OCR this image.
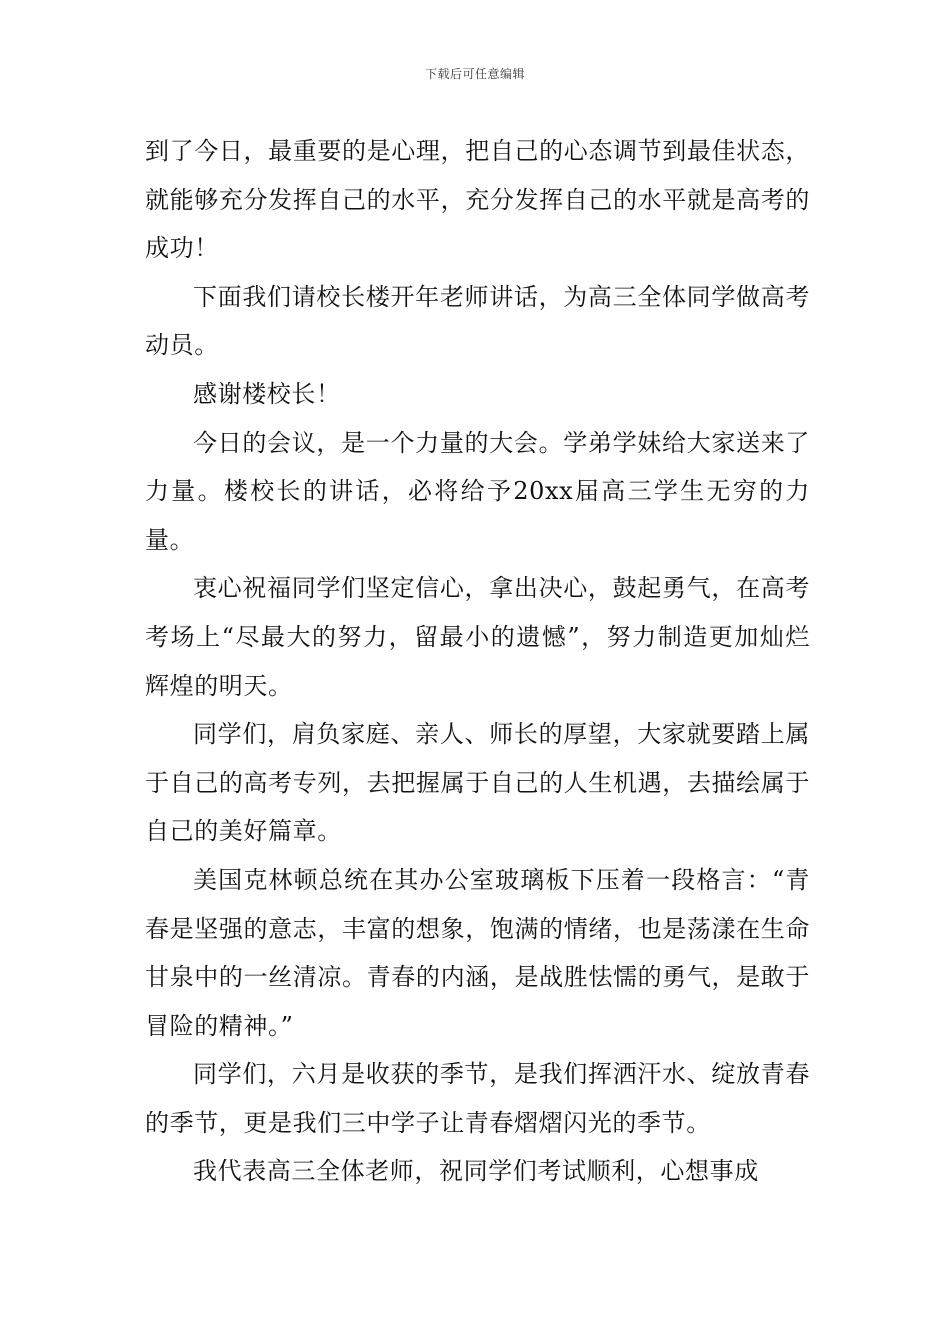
下载后可任意编辑

到了今日，最重要的是心理，把自己的心态调节到最佳状态，就能够充分发挥自己的水平，充分发挥自己的水平就是高考的成功！

下面我们请校长楼开年老师讲话，为高三全体同学做高考动员。

感谢楼校长！

今日的会议，是一个力量的大会。学弟学妹给大家送来了力量。楼校长的讲话，必将给予20xx届高三学生无穷的力量。

衷心祝福同学们坚定信心，拿出决心，鼓起勇气，在高考考场上“尽最大的努力，留最小的遗憾”，努力制造更加灿烂辉煌的明天。

同学们，肩负家庭、亲人、师长的厚望，大家就要踏上属于自己的高考专列，去把握属于自己的人生机遇，去描绘属于自己的美好篇章。

美国克林顿总统在其办公室玻璃板下压着一段格言：“青春是坚强的意志，丰富的想象，饱满的情绪，也是荡漾在生命甘泉中的一丝清凉。青春的内涵，是战胜怯懦的勇气，是敢于冒险的精神。”

同学们，六月是收获的季节，是我们挥洒汗水、绽放青春的季节，更是我们三中学子让青春熠熠闪光的季节。

我代表高三全体老师，祝同学们考试顺利，心想事成
